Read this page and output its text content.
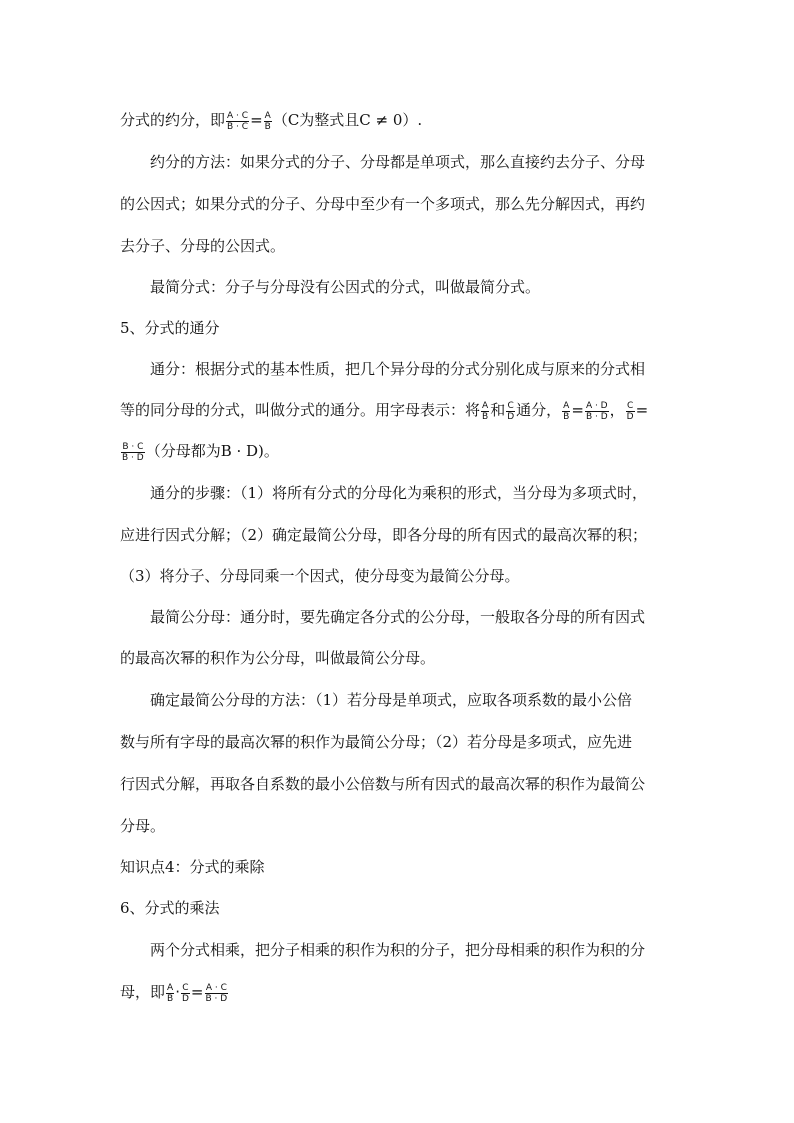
分式的约分，即 $\frac{A \cdot C}{B \cdot C} = \frac{A}{B} (C$为整式且C ≠ 0）.
约分的方法：如果分式的分子、分母都是单项式，那么直接约去分子、分母
的公因式；如果分式的分子、分母中至少有一个多项式，那么先分解因式，再约
去分子、分母的公因式。
最简分式：分子与分母没有公因式的分式，叫做最简分式。
5、分式的通分
通分：根据分式的基本性质，把几个异分母的分式分别化成与原来的分式相
等的同分母的分式，叫做分式的通分。用字母表示：将 $\frac{A}{B}$ 和 $\frac{C}{D}$ 通分， $\frac{A}{B} = \frac{A \cdot D}{B \cdot D}$ ， $\frac{C}{D}$ =
$\frac{B \cdot C}{B \cdot D}$ （分母都为B · D)。
通分的步骤：（1）将所有分式的分母化为乘积的形式，当分母为多项式时，
应进行因式分解；（2）确定最简公分母，即各分母的所有因式的最高次幂的积；
（3）将分子、分母同乘一个因式，使分母变为最简公分母。
最简公分母：通分时，要先确定各分式的公分母，一般取各分母的所有因式
的最高次幂的积作为公分母，叫做最简公分母。
确定最简公分母的方法：（1）若分母是单项式，应取各项系数的最小公倍
数与所有字母的最高次幂的积作为最简公分母；（2）若分母是多项式，应先进
行因式分解，再取各自系数的最小公倍数与所有因式的最高次幂的积作为最简公
分母。
知识点4：分式的乘除
6、分式的乘法
两个分式相乘，把分子相乘的积作为积的分子，把分母相乘的积作为积的分
母，即 $\frac{A}{B} \cdot \frac{C}{D} = \frac{A \cdot C}{B \cdot D}$
